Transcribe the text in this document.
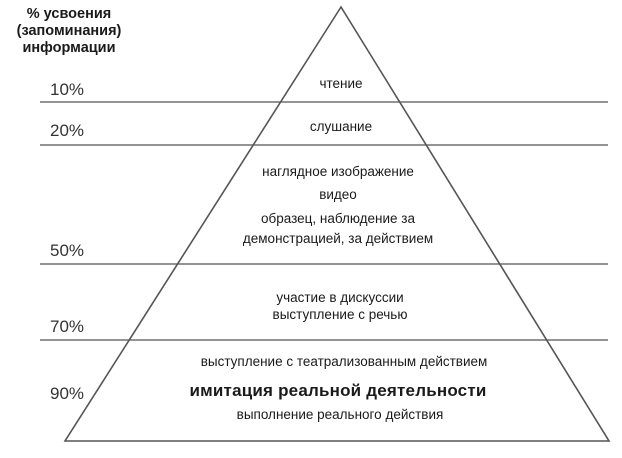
% усвоения (запоминания) информации
10%
20%
50%
70%
90%
чтение
слушание
наглядное изображение
видео
образец, наблюдение за
демонстрацией, за действием
участие в дискуссии
выступление с речью
выступление с театрализованным действием
имитация реальной деятельности
выполнение реального действия
